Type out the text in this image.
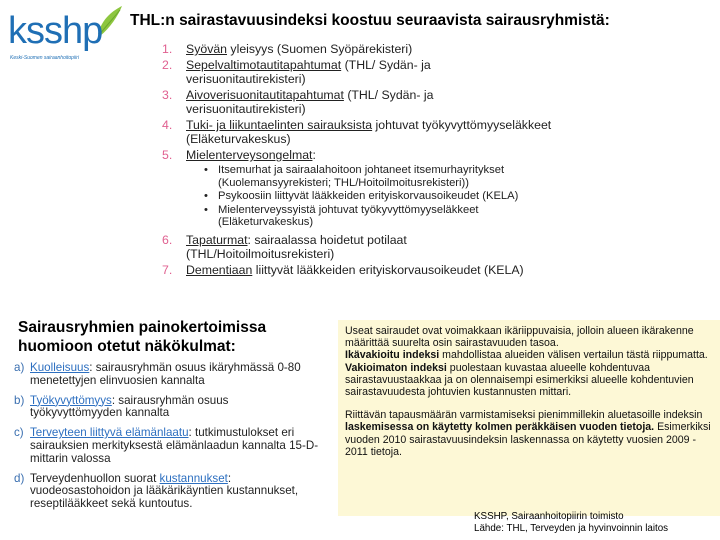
ksshp
Keski-Suomen sairaanhoitopiiri
THL:n sairastavuusindeksi koostuu seuraavista sairausryhmistä:
1. Syövän yleisyys (Suomen Syöpärekisteri)
2. Sepelvaltimotautitapahtumat (THL/ Sydän- ja verisuonitautirekisteri)
3. Aivoverisuonitautitapahtumat (THL/ Sydän- ja verisuonitautirekisteri)
4. Tuki- ja liikuntaelinten sairauksista johtuvat työkyvyttömyyseläkkeet (Eläketurvakeskus)
5. Mielenterveysongelmat:
• Itsemurhat ja sairaalahoitoon johtaneet itsemurhayritykset (Kuolemansyyrekisteri; THL/Hoitoilmoitusrekisteri))
• Psykoosiin liittyvät lääkkeiden erityiskorvausoikeudet (KELA)
• Mielenterveyssyistä johtuvat työkyvyttömyyseläkkeet (Eläketurvakeskus)
6. Tapaturmat: sairaalassa hoidetut potilaat (THL/Hoitoilmoitusrekisteri)
7. Dementiaan liittyvät lääkkeiden erityiskorvausoikeudet (KELA)
Sairausryhmien painokertoimissa huomioon otetut näkökulmat:
a) Kuolleisuus: sairausryhmän osuus ikäryhmässä 0-80 menetettyjen elinvuosien kannalta
b) Työkyvyttömyys: sairausryhmän osuus työkyvyttömyyden kannalta
c) Terveyteen liittyvä elämänlaatu: tutkimustulokset eri sairauksien merkityksestä elämänlaadun kannalta 15-D-mittarin valossa
d) Terveydenhuollon suorat kustannukset: vuodeosastohoidon ja lääkärikäyntien kustannukset, reseptilääkkeet sekä kuntoutus.

Useat sairaudet ovat voimakkaan ikäriippuvaisia, jolloin alueen ikärakenne määrittää suurelta osin sairastavuuden tasoa.
Ikävakioitu indeksi mahdollistaa alueiden välisen vertailun tästä riippumatta.
Vakioimaton indeksi puolestaan kuvastaa alueelle kohdentuvaa sairastavuustaakkaa ja on olennaisempi esimerkiksi alueelle kohdentuvien sairastavuudesta johtuvien kustannusten mittari.

Riittävän tapausmäärän varmistamiseksi pienimmillekin aluetasoille indeksin laskemisessa on käytetty kolmen peräkkäisen vuoden tietoja. Esimerkiksi vuoden 2010 sairastavuusindeksin laskennassa on käytetty vuosien 2009 - 2011 tietoja.

KSSHP, Sairaanhoitopiirin toimisto
Lähde: THL, Terveyden ja hyvinvoinnin laitos
